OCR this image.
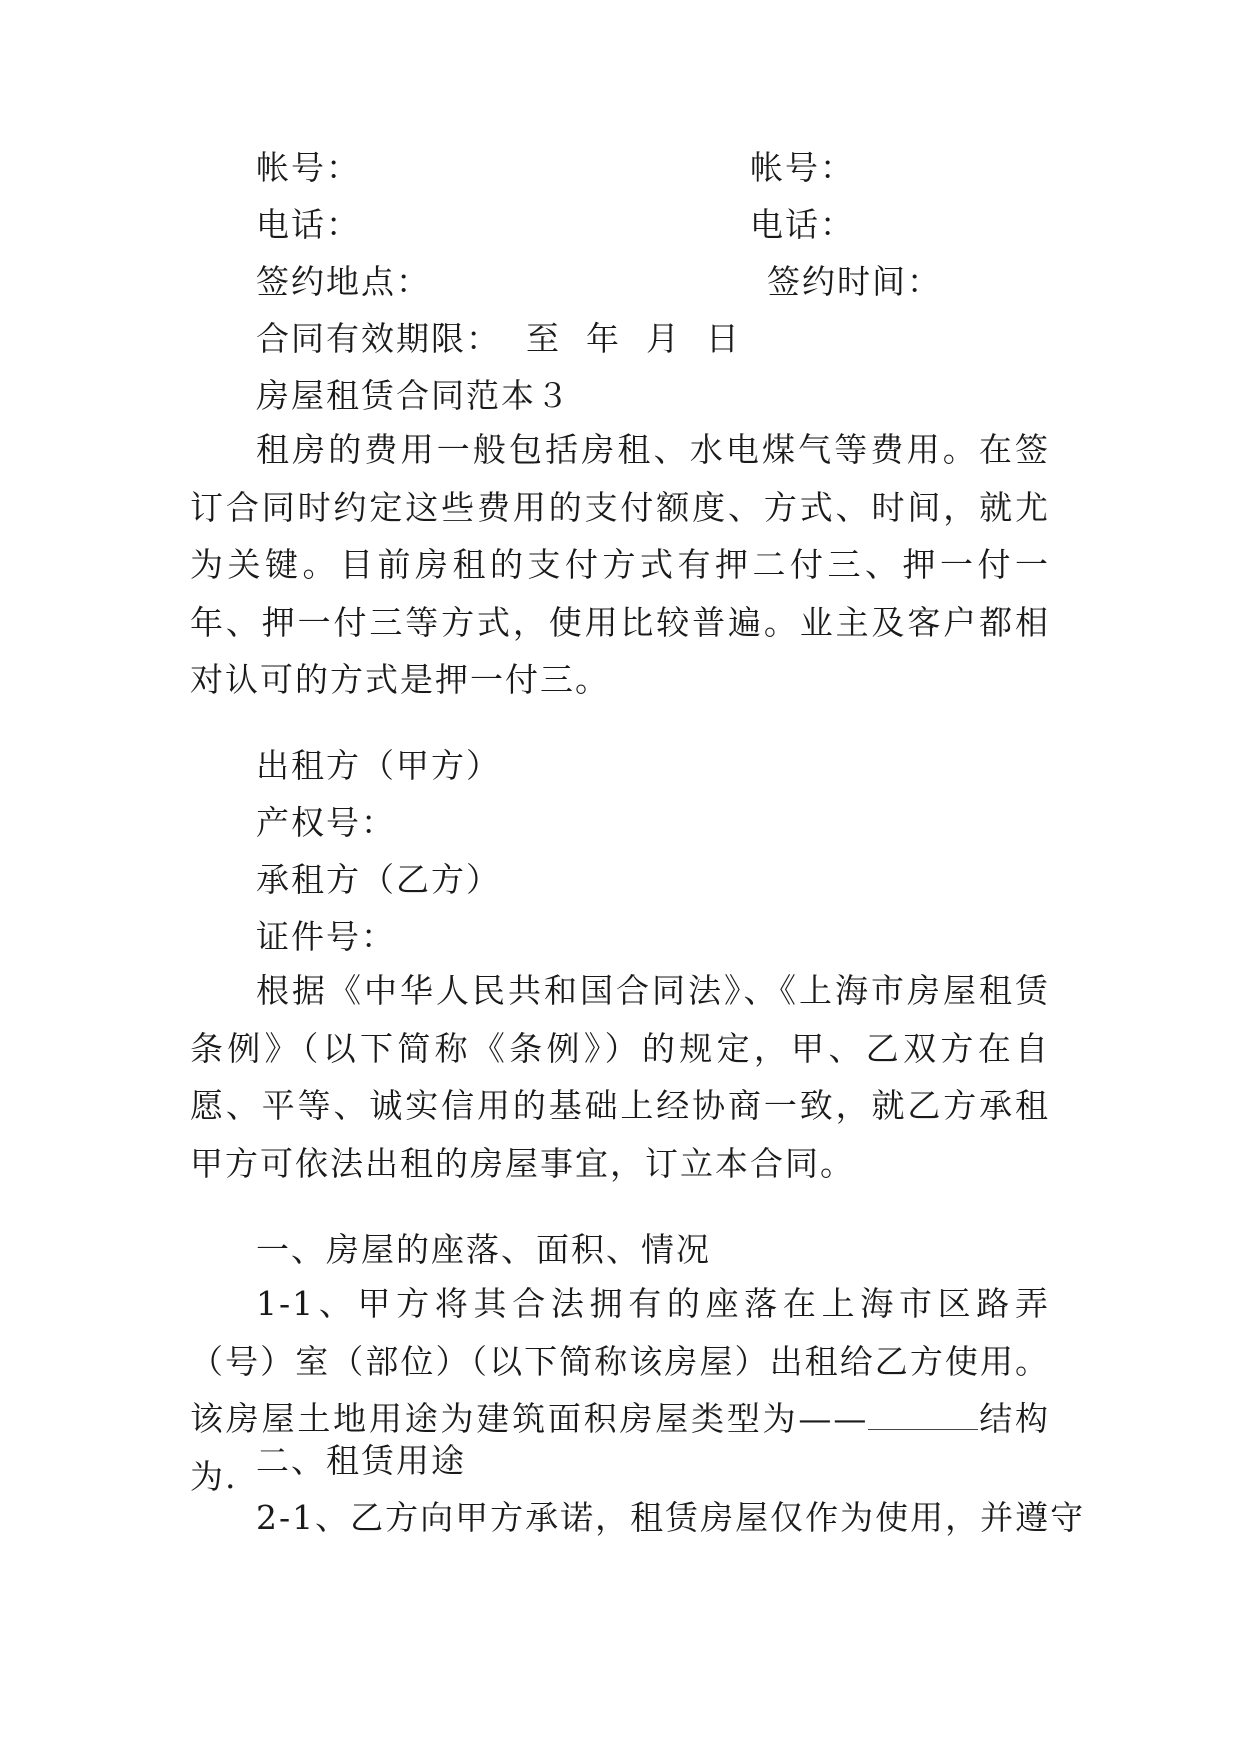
帐号：	帐号：
电话：	电话：
签约地点：	签约时间：
合同有效期限：  至  年  月  日
房屋租赁合同范本３

租房的费用一般包括房租、水电煤气等费用。在签订合同时约定这些费用的支付额度、方式、时间，就尤为关键。目前房租的支付方式有押二付三、押一付一年、押一付三等方式，使用比较普遍。业主及客户都相对认可的方式是押一付三。

出租方（甲方）
产权号：
承租方（乙方）
证件号：

根据《中华人民共和国合同法》、《上海市房屋租赁条例》（以下简称《条例》）的规定，甲、乙双方在自愿、平等、诚实信用的基础上经协商一致，就乙方承租甲方可依法出租的房屋事宜，订立本合同。

一、房屋的座落、面积、情况

1-1、甲方将其合法拥有的座落在上海市区路弄（号）室（部位）（以下简称该房屋）出租给乙方使用。该房屋土地用途为建筑面积房屋类型为——	结构为. 二、租赁用途
2-1、乙方向甲方承诺，租赁房屋仅作为使用，并遵守
